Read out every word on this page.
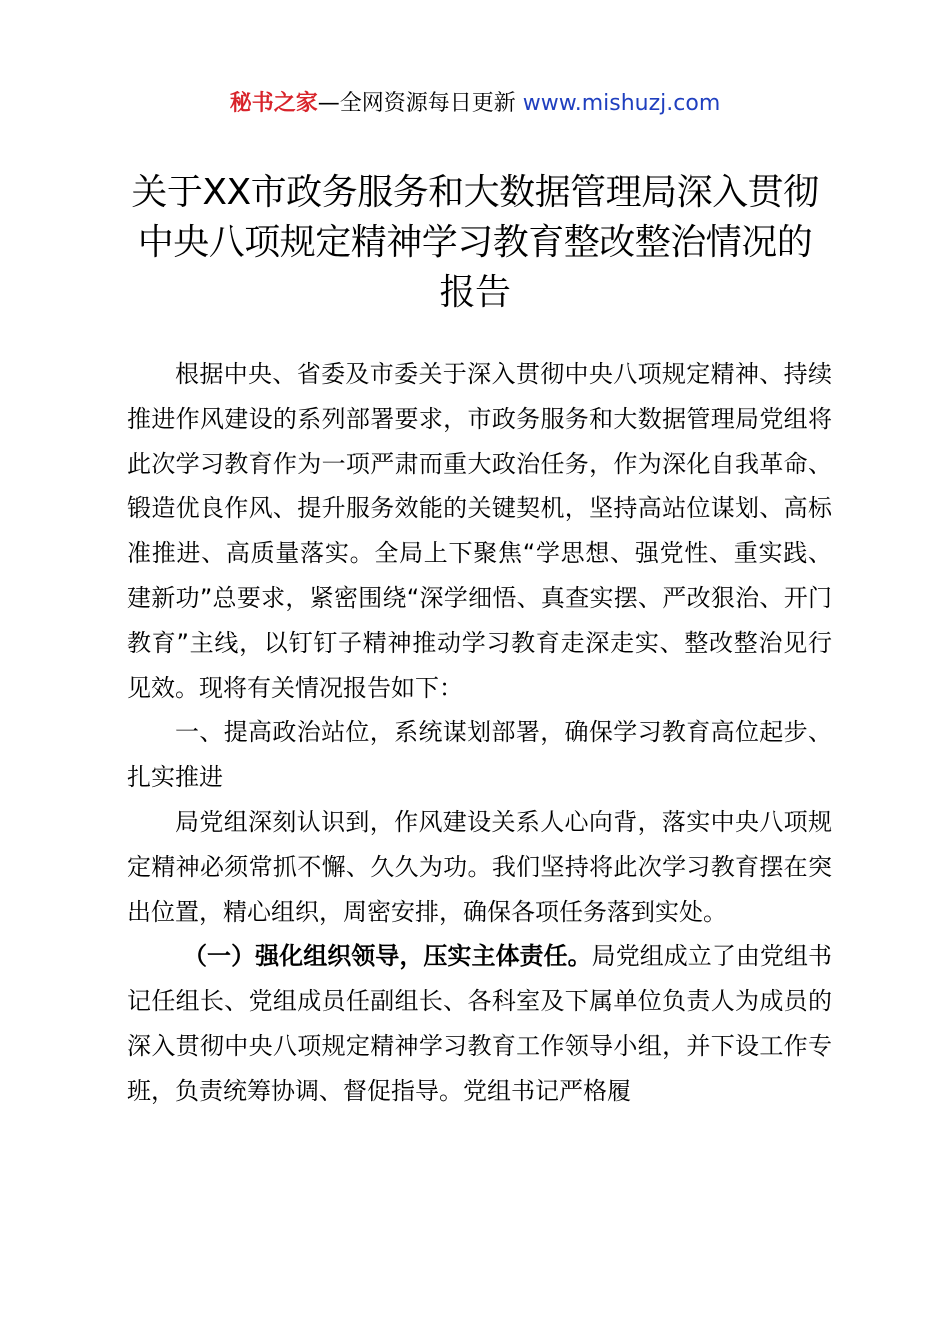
秘书之家—全网资源每日更新 www.mishuzj.com
关于XX市政务服务和大数据管理局深入贯彻
中央八项规定精神学习教育整改整治情况的
报告

根据中央、省委及市委关于深入贯彻中央八项规定精神、持续推进作风建设的系列部署要求，市政务服务和大数据管理局党组将此次学习教育作为一项严肃而重大政治任务，作为深化自我革命、锻造优良作风、提升服务效能的关键契机，坚持高站位谋划、高标准推进、高质量落实。全局上下聚焦“学思想、强党性、重实践、建新功”总要求，紧密围绕“深学细悟、真查实摆、严改狠治、开门教育”主线，以钉钉子精神推动学习教育走深走实、整改整治见行见效。现将有关情况报告如下：

一、提高政治站位，系统谋划部署，确保学习教育高位起步、扎实推进

局党组深刻认识到，作风建设关系人心向背，落实中央八项规定精神必须常抓不懈、久久为功。我们坚持将此次学习教育摆在突出位置，精心组织，周密安排，确保各项任务落到实处。

（一）强化组织领导，压实主体责任。局党组成立了由党组书记任组长、党组成员任副组长、各科室及下属单位负责人为成员的深入贯彻中央八项规定精神学习教育工作领导小组，并下设工作专班，负责统筹协调、督促指导。党组书记严格履
